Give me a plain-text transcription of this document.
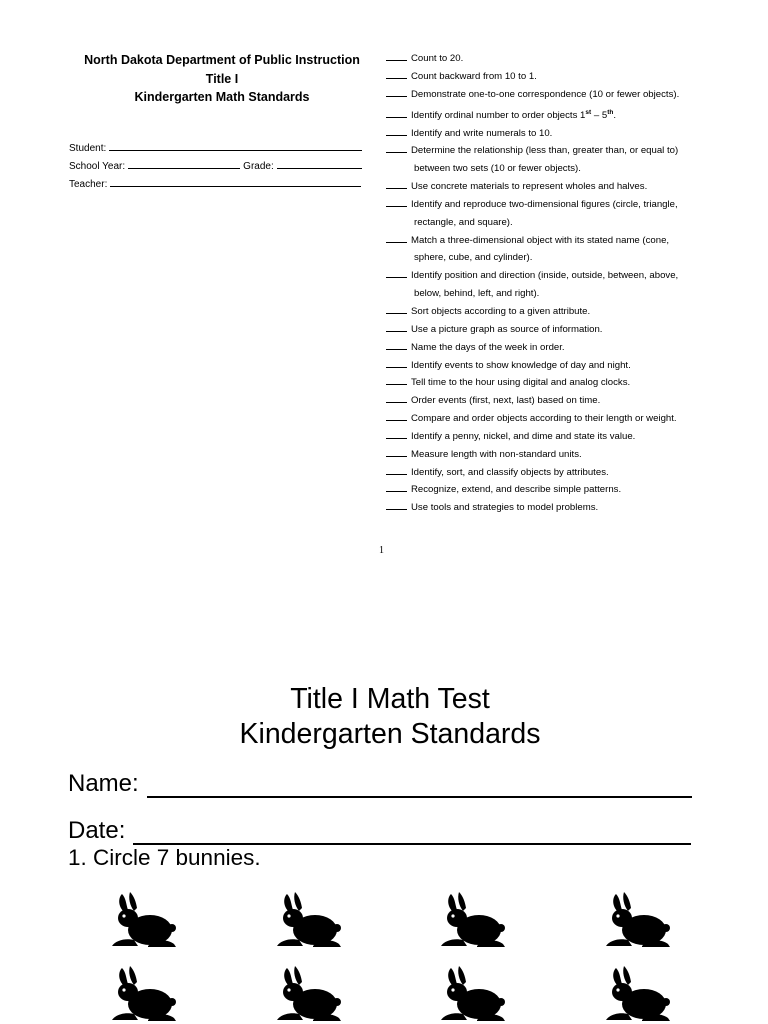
North Dakota Department of Public Instruction
Title I
Kindergarten Math Standards
Student:
School Year:	Grade:
Teacher:
Count to 20.
Count backward from 10 to 1.
Demonstrate one-to-one correspondence (10 or fewer objects).
Identify ordinal number to order objects 1st – 5th.
Identify and write numerals to 10.
Determine the relationship (less than, greater than, or equal to)
between two sets (10 or fewer objects).
Use concrete materials to represent wholes and halves.
Identify and reproduce two-dimensional figures (circle, triangle,
rectangle, and square).
Match a three-dimensional object with its stated name (cone,
sphere, cube, and cylinder).
Identify position and direction (inside, outside, between, above,
below, behind, left, and right).
Sort objects according to a given attribute.
Use a picture graph as source of information.
Name the days of the week in order.
Identify events to show knowledge of day and night.
Tell time to the hour using digital and analog clocks.
Order events (first, next, last) based on time.
Compare and order objects according to their length or weight.
Identify a penny, nickel, and dime and state its value.
Measure length with non-standard units.
Identify, sort, and classify objects by attributes.
Recognize, extend, and describe simple patterns.
Use tools and strategies to model problems.
1
Title I Math Test
Kindergarten Standards
Name:
Date:
1. Circle 7 bunnies.
